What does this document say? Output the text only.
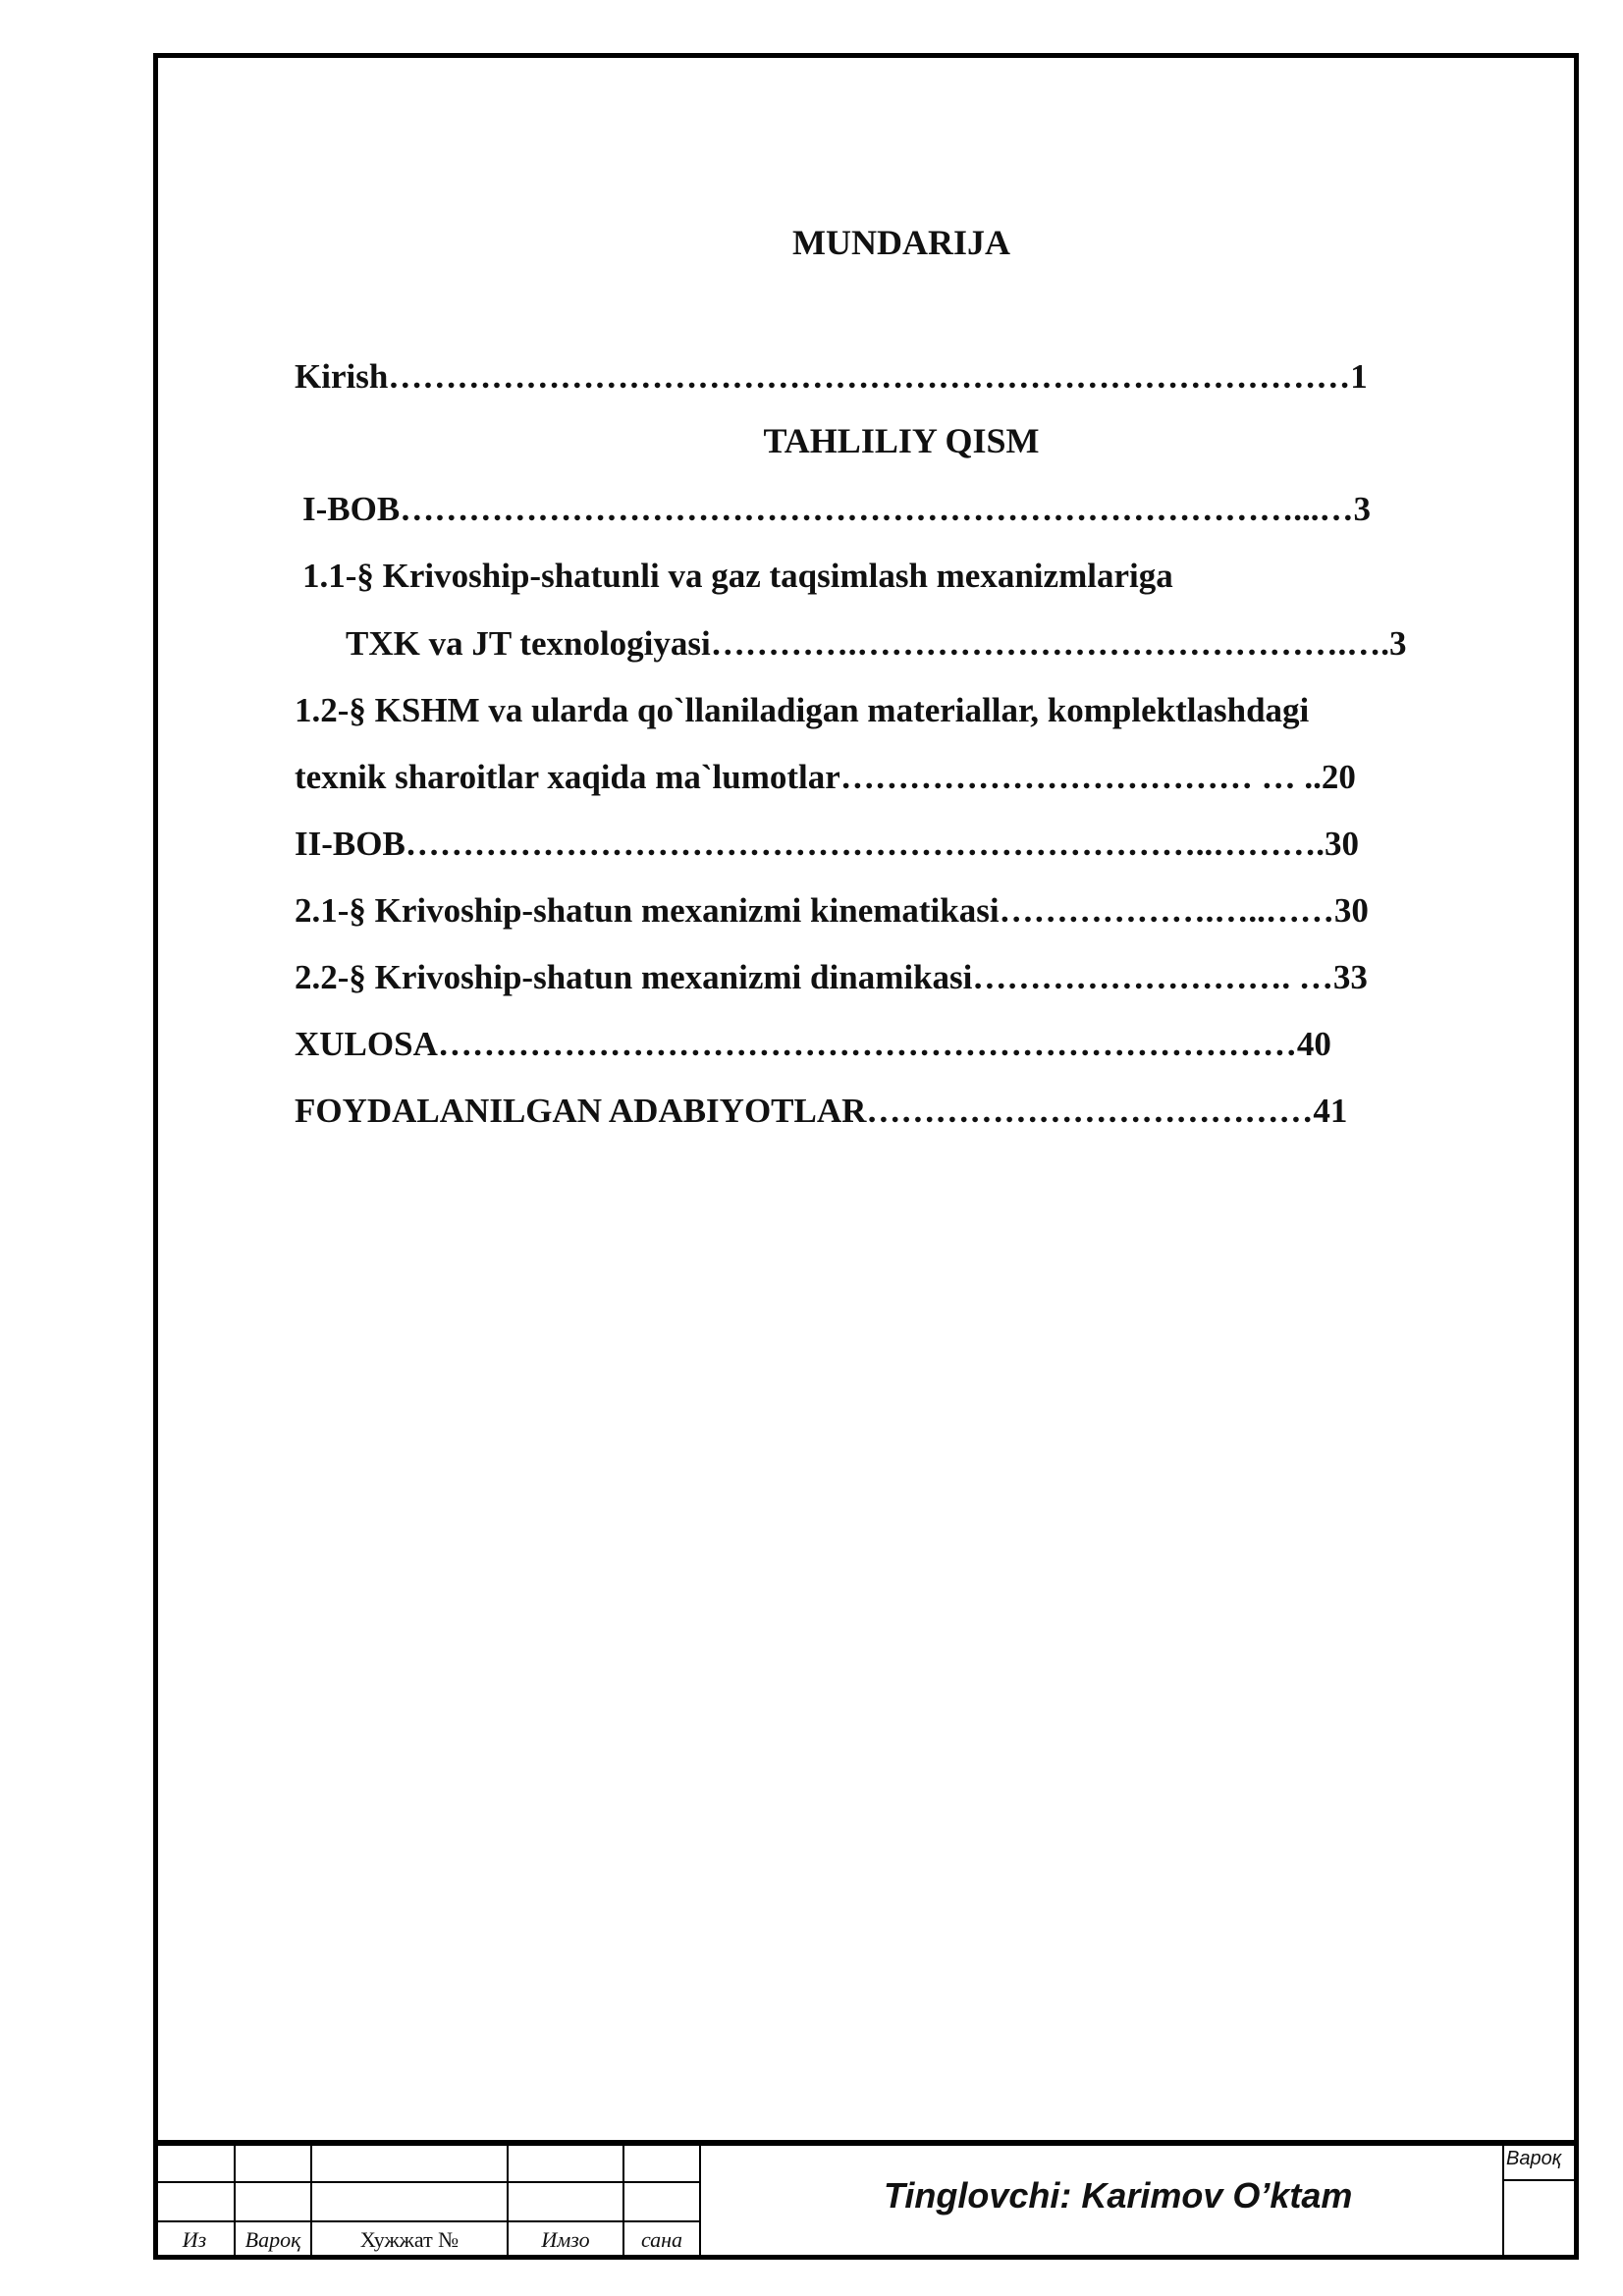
MUNDARIJA
Kirish…………………………………………………………………………1
TAHLILIY QISM
I-BOB……………………………………………………………………...…3
1.1-§ Krivoship-shatunli va gaz taqsimlash mexanizmlariga
TXK va JT texnologiyasi………….…………………………………….….3
1.2-§ KSHM va ularda qo`llaniladigan materiallar, komplektlashdagi
texnik sharoitlar xaqida ma`lumotlar……………………………… … ..20
II-BOB……………………………………………………………..……….30
2.1-§ Krivoship-shatun mexanizmi kinematikasi……………….…..……30
2.2-§ Krivoship-shatun mexanizmi dinamikasi………………………. …33
XULOSA…………………………………………………………………40
FOYDALANILGAN ADABIYOTLAR…………………………………41
Из	Вароқ	Хужжат №	Имзо	сана
Tinglovchi: Karimov O’ktam
Вароқ
